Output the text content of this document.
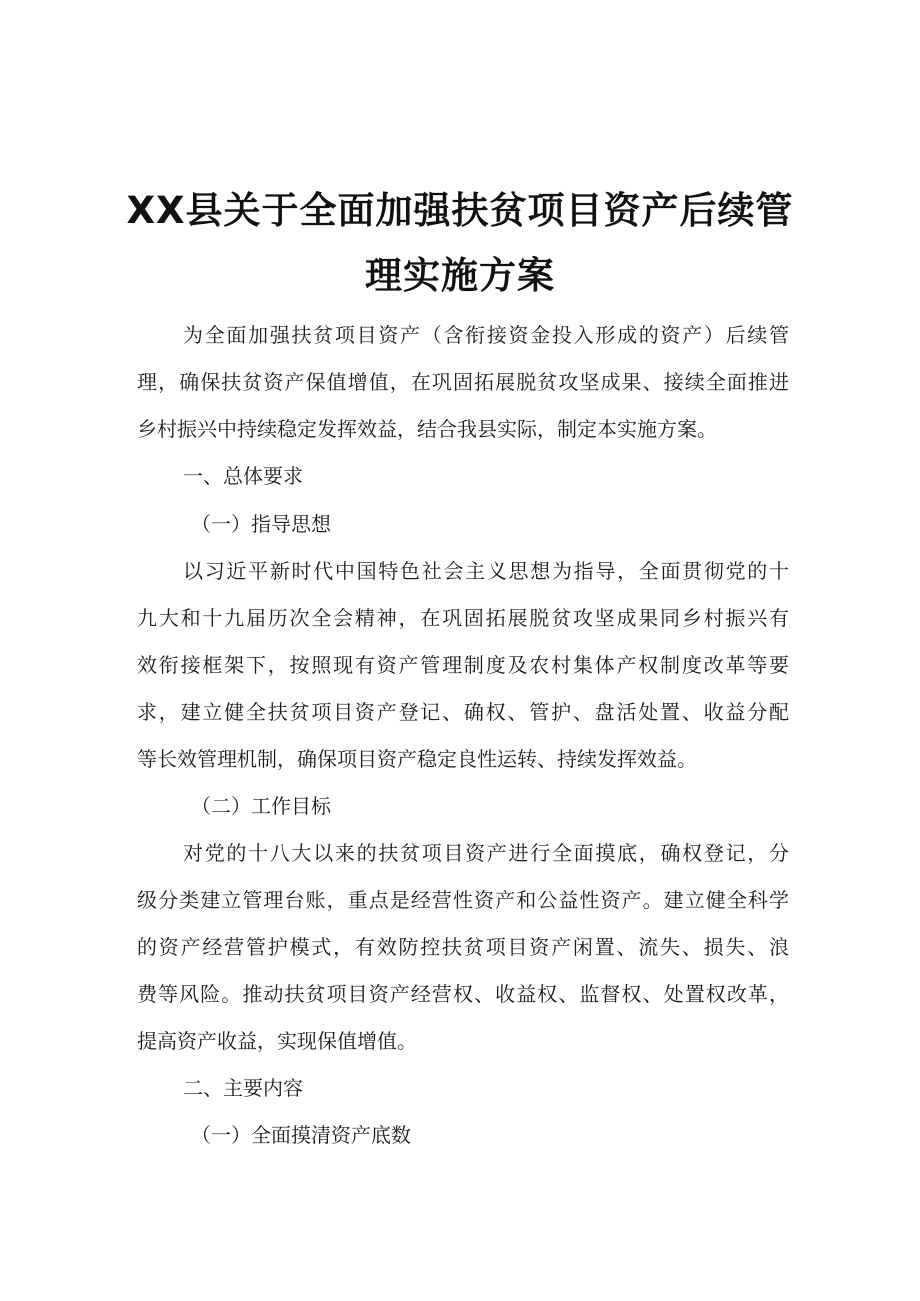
XX县关于全面加强扶贫项目资产后续管
理实施方案
为全面加强扶贫项目资产（含衔接资金投入形成的资产）后续管
理，确保扶贫资产保值增值，在巩固拓展脱贫攻坚成果、接续全面推进
乡村振兴中持续稳定发挥效益，结合我县实际，制定本实施方案。
一、总体要求
（一）指导思想
以习近平新时代中国特色社会主义思想为指导，全面贯彻党的十
九大和十九届历次全会精神，在巩固拓展脱贫攻坚成果同乡村振兴有
效衔接框架下，按照现有资产管理制度及农村集体产权制度改革等要
求，建立健全扶贫项目资产登记、确权、管护、盘活处置、收益分配
等长效管理机制，确保项目资产稳定良性运转、持续发挥效益。
（二）工作目标
对党的十八大以来的扶贫项目资产进行全面摸底，确权登记，分
级分类建立管理台账，重点是经营性资产和公益性资产。建立健全科学
的资产经营管护模式，有效防控扶贫项目资产闲置、流失、损失、浪
费等风险。推动扶贫项目资产经营权、收益权、监督权、处置权改革，
提高资产收益，实现保值增值。
二、主要内容
（一）全面摸清资产底数
